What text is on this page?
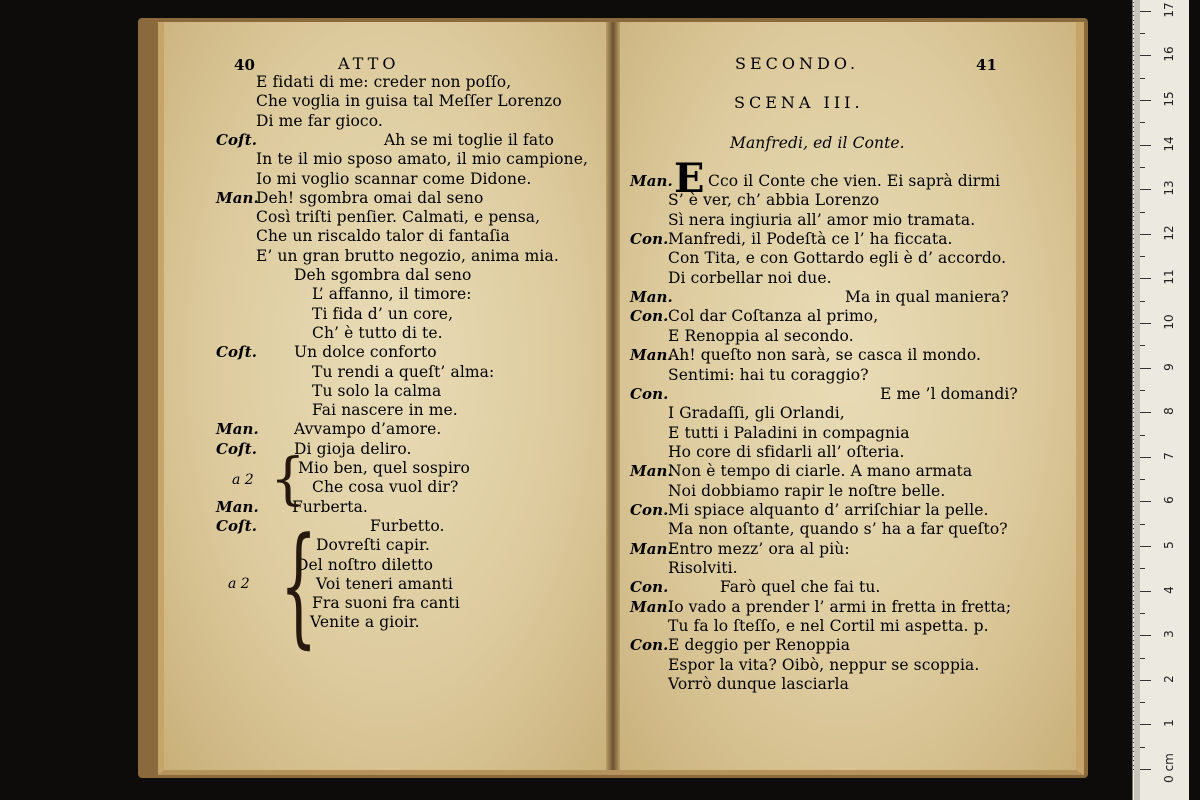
40	ATTO
E fidati di me: creder non poſſo,
Che voglia in guisa tal Meſſer Lorenzo
Di me far gioco.
Coſt.	Ah se mi toglie il fato
In te il mio sposo amato, il mio campione,
Io mi voglio scannar come Didone.
Man.
Deh! sgombra omai dal seno
Così triſti penſier. Calmati, e pensa,
Che un riscaldo talor di fantaſia
E’ un gran brutto negozio, anima mia.
Deh sgombra dal seno
L’ affanno, il timore:
Ti fida d’ un core,
Ch’ è tutto di te.
Coſt. Un dolce conforto
Tu rendi a queſt’ alma:
Tu solo la calma
Fai nascere in me.
Man. Avvampo d’amore.
Coſt. Di gioja deliro.
Mio ben, quel sospiro
Che cosa vuol dir?
Man. Furberta.
Coſt.	Furbetto.
Dovreſti capir.
Del noſtro diletto
Voi teneri amanti
Fra suoni fra canti
Venite a gioir.
{
a 2
{
a 2
SECONDO.	41
SCENA III.
Manfredi, ed il Conte.
E
Man. Cco il Conte che vien. Ei saprà dirmi
S’ è ver, ch’ abbia Lorenzo
Sì nera ingiuria all’ amor mio tramata.
Con. Manfredi, il Podeſtà ce l’ ha ficcata.
Con Tita, e con Gottardo egli è d’ accordo.
Di corbellar noi due.
Man.	Ma in qual maniera?
Con. Col dar Coſtanza al primo,
E Renoppia al secondo.
Man.
Ah! queſto non sarà, se casca il mondo.
Sentimi: hai tu coraggio?
Con.	E me ’l domandi?
I Gradaſſi, gli Orlandi,
E tutti i Paladini in compagnia
Ho core di sfidarli all’ oſteria.
Man.
Non è tempo di ciarle. A mano armata
Noi dobbiamo rapir le noſtre belle.
Con. Mi spiace alquanto d’ arriſchiar la pelle.
Ma non oſtante, quando s’ ha a far queſto?
Man.
Entro mezz’ ora al più:
Risolviti.
Con.	Farò quel che fai tu.
Man.
Io vado a prender l’ armi in fretta in fretta;
Tu fa lo ſteſſo, e nel Cortil mi aspetta. p.
Con. E deggio per Renoppia
Espor la vita? Oibò, neppur se scoppia.
Vorrò dunque lasciarla
0 cm
1
2
3
4
5
6
7
8
9
10
11
12
13
14
15
16
17
